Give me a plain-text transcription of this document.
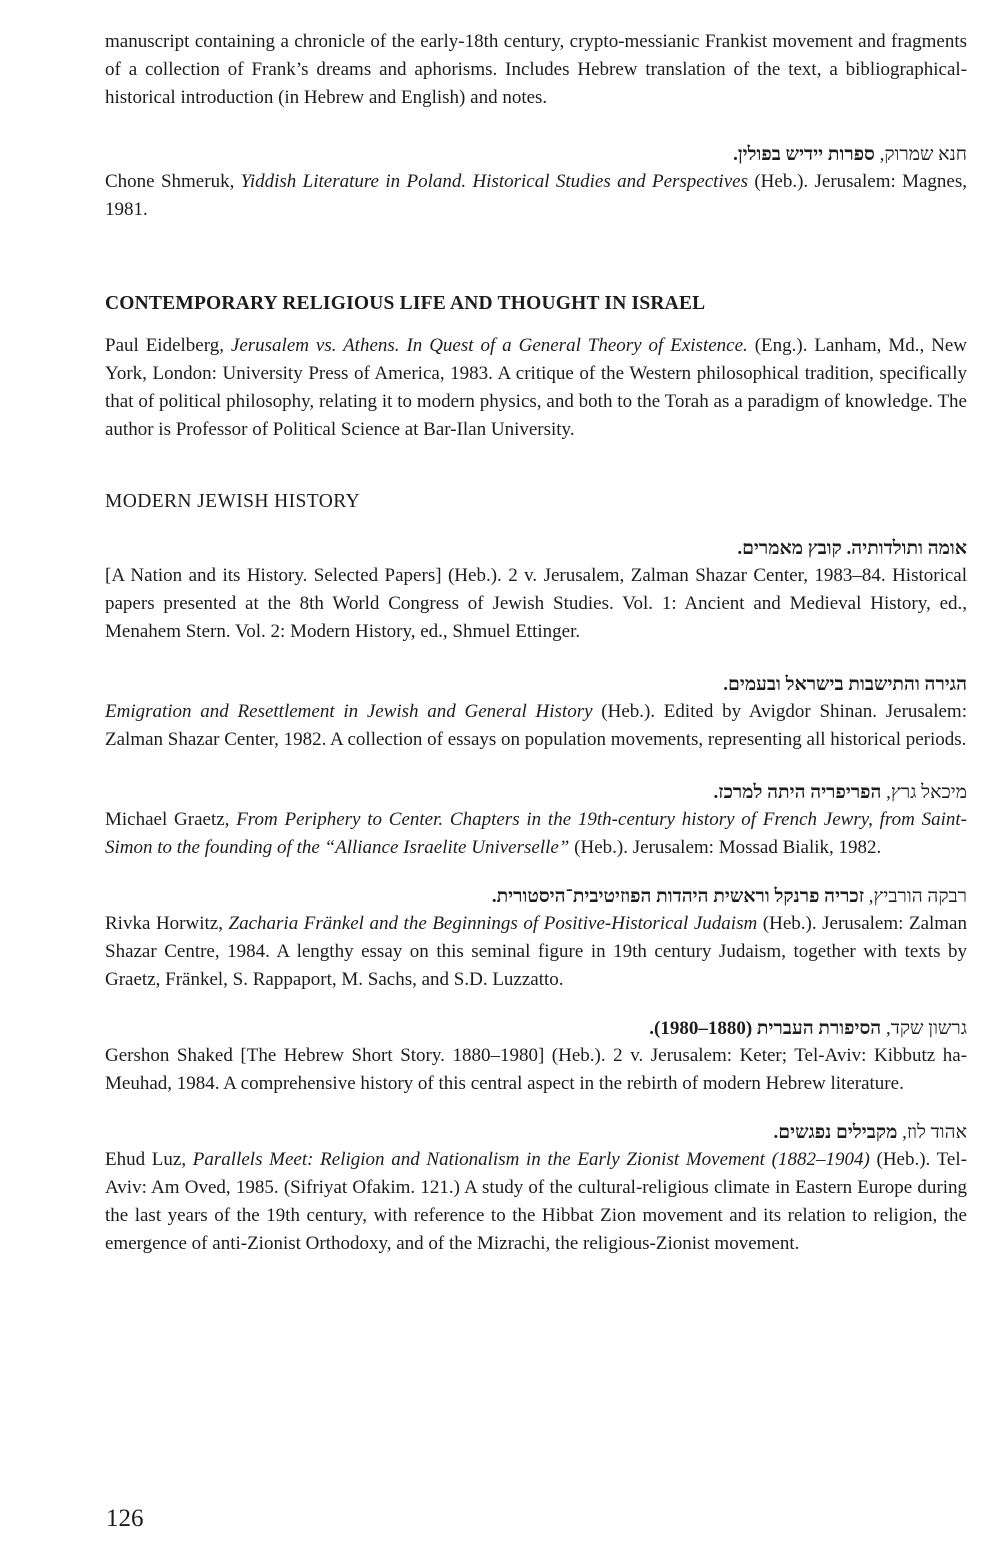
manuscript containing a chronicle of the early-18th century, crypto-messianic Frankist movement and fragments of a collection of Frank’s dreams and aphorisms. Includes Hebrew translation of the text, a bibliographical-historical introduction (in Hebrew and English) and notes.

חנא שמרוק, ספרות יידיש בפולין.

Chone Shmeruk, Yiddish Literature in Poland. Historical Studies and Perspectives (Heb.). Jerusalem: Magnes, 1981.

CONTEMPORARY RELIGIOUS LIFE AND THOUGHT IN ISRAEL

Paul Eidelberg, Jerusalem vs. Athens. In Quest of a General Theory of Existence. (Eng.). Lanham, Md., New York, London: University Press of America, 1983. A critique of the Western philosophical tradition, specifically that of political philosophy, relating it to modern physics, and both to the Torah as a paradigm of knowledge. The author is Professor of Political Science at Bar-Ilan University.

MODERN JEWISH HISTORY
אומה ותולדותיה. קובץ מאמרים.

[A Nation and its History. Selected Papers] (Heb.). 2 v. Jerusalem, Zalman Shazar Center, 1983–84. Historical papers presented at the 8th World Congress of Jewish Studies. Vol. 1: Ancient and Medieval History, ed., Menahem Stern. Vol. 2: Modern History, ed., Shmuel Ettinger.

הגירה והתישבות בישראל ובעמים.

Emigration and Resettlement in Jewish and General History (Heb.). Edited by Avigdor Shinan. Jerusalem: Zalman Shazar Center, 1982. A collection of essays on population movements, representing all historical periods.

מיכאל גרץ, הפריפריה היתה למרכז.

Michael Graetz, From Periphery to Center. Chapters in the 19th-century history of French Jewry, from Saint-Simon to the founding of the “Alliance Israelite Universelle” (Heb.). Jerusalem: Mossad Bialik, 1982.

רבקה הורביץ, זכריה פרנקל וראשית היהדות הפוזיטיבית־היסטורית.

Rivka Horwitz, Zacharia Fränkel and the Beginnings of Positive-Historical Judaism (Heb.). Jerusalem: Zalman Shazar Centre, 1984. A lengthy essay on this seminal figure in 19th century Judaism, together with texts by Graetz, Fränkel, S. Rappaport, M. Sachs, and S.D. Luzzatto.

גרשון שקד, הסיפורת העברית (1880–1980).

Gershon Shaked [The Hebrew Short Story. 1880–1980] (Heb.). 2 v. Jerusalem: Keter; Tel-Aviv: Kibbutz ha-Meuhad, 1984. A comprehensive history of this central aspect in the rebirth of modern Hebrew literature.

אהוד לוז, מקבילים נפגשים.

Ehud Luz, Parallels Meet: Religion and Nationalism in the Early Zionist Movement (1882–1904) (Heb.). Tel-Aviv: Am Oved, 1985. (Sifriyat Ofakim. 121.) A study of the cultural-religious climate in Eastern Europe during the last years of the 19th century, with reference to the Hibbat Zion movement and its relation to religion, the emergence of anti-Zionist Orthodoxy, and of the Mizrachi, the religious-Zionist movement.

126
